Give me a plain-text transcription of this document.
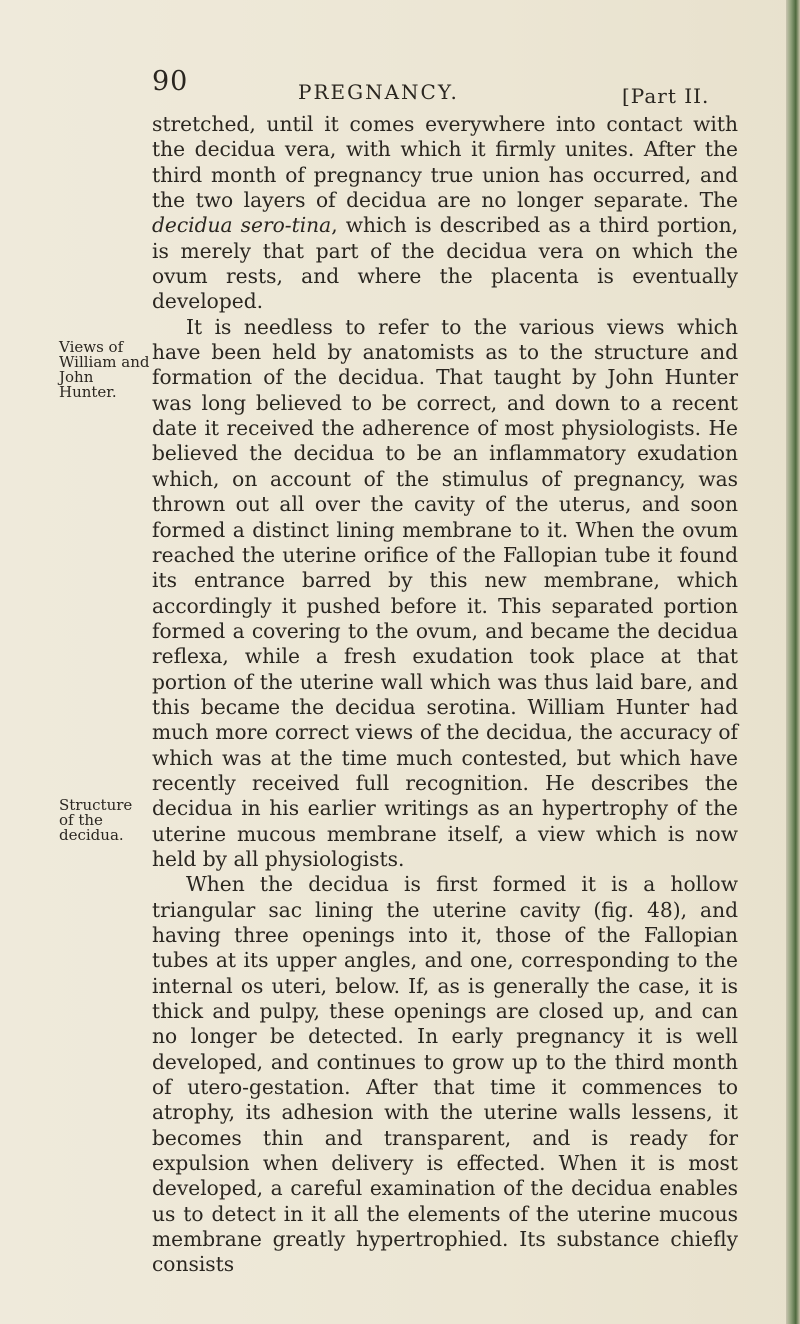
90	PREGNANCY.	[Part II.
Views of William and John Hunter.
Structure of the decidua.

stretched, until it comes everywhere into contact with the decidua vera, with which it firmly unites. After the third month of pregnancy true union has occurred, and the two layers of decidua are no longer separate. The decidua sero-tina, which is described as a third portion, is merely that part of the decidua vera on which the ovum rests, and where the placenta is eventually developed.

It is needless to refer to the various views which have been held by anatomists as to the structure and formation of the decidua. That taught by John Hunter was long believed to be correct, and down to a recent date it received the adherence of most physiologists. He believed the decidua to be an inflammatory exudation which, on account of the stimulus of pregnancy, was thrown out all over the cavity of the uterus, and soon formed a distinct lining membrane to it. When the ovum reached the uterine orifice of the Fallopian tube it found its entrance barred by this new membrane, which accordingly it pushed before it. This separated portion formed a covering to the ovum, and became the decidua reflexa, while a fresh exudation took place at that portion of the uterine wall which was thus laid bare, and this became the decidua serotina. William Hunter had much more correct views of the decidua, the accuracy of which was at the time much contested, but which have recently received full recognition. He describes the decidua in his earlier writings as an hypertrophy of the uterine mucous membrane itself, a view which is now held by all physiologists.

When the decidua is first formed it is a hollow triangular sac lining the uterine cavity (fig. 48), and having three openings into it, those of the Fallopian tubes at its upper angles, and one, corresponding to the internal os uteri, below. If, as is generally the case, it is thick and pulpy, these openings are closed up, and can no longer be detected. In early pregnancy it is well developed, and continues to grow up to the third month of utero-gestation. After that time it commences to atrophy, its adhesion with the uterine walls lessens, it becomes thin and transparent, and is ready for expulsion when delivery is effected. When it is most developed, a careful examination of the decidua enables us to detect in it all the elements of the uterine mucous membrane greatly hypertrophied. Its substance chiefly consists
